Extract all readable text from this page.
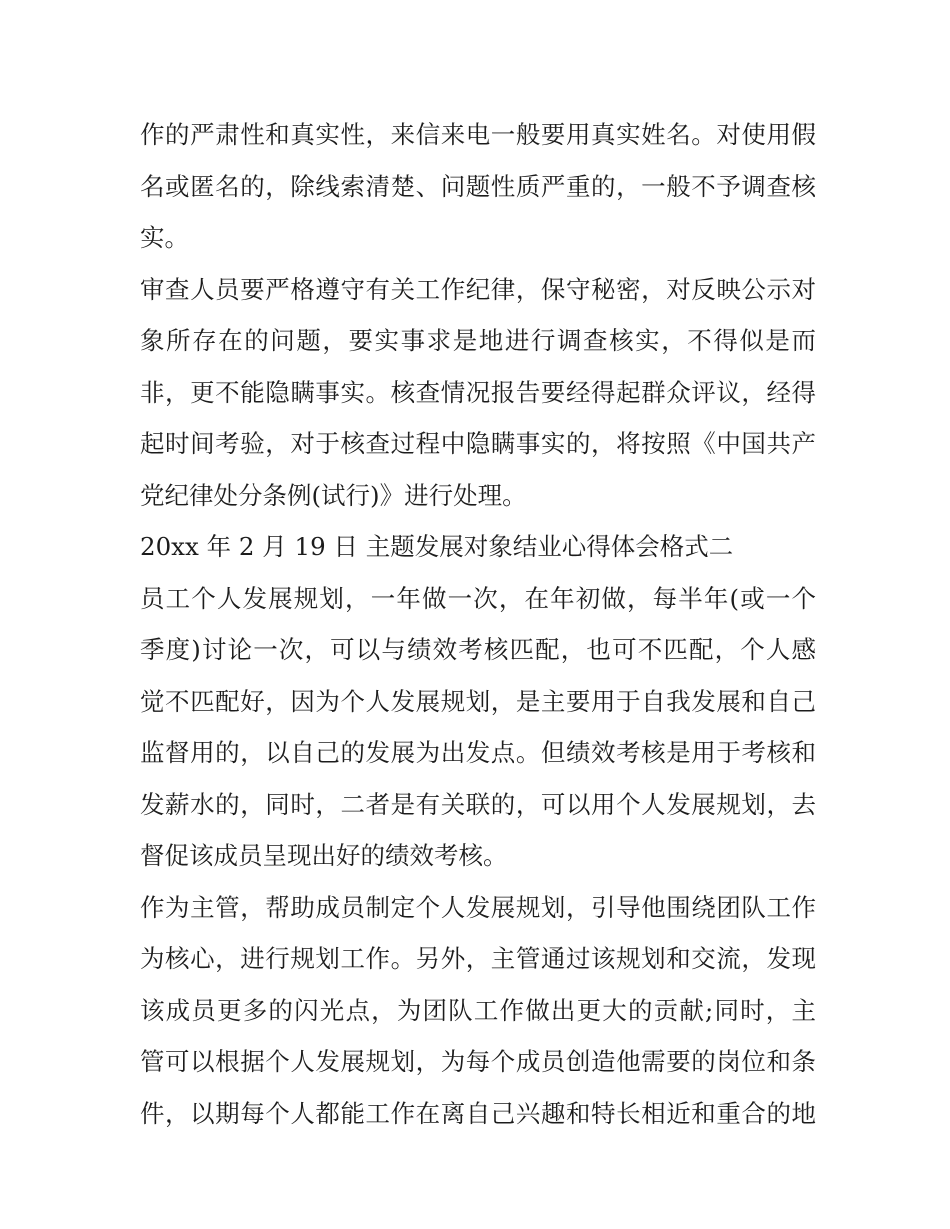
作的严肃性和真实性，来信来电一般要用真实姓名。对使用假
名或匿名的，除线索清楚、问题性质严重的，一般不予调查核
实。
审查人员要严格遵守有关工作纪律，保守秘密，对反映公示对
象所存在的问题，要实事求是地进行调查核实，不得似是而
非，更不能隐瞒事实。核查情况报告要经得起群众评议，经得
起时间考验，对于核查过程中隐瞒事实的，将按照《中国共产
党纪律处分条例(试行)》进行处理。
20xx 年 2 月 19 日 主题发展对象结业心得体会格式二
员工个人发展规划，一年做一次，在年初做，每半年(或一个
季度)讨论一次，可以与绩效考核匹配，也可不匹配，个人感
觉不匹配好，因为个人发展规划，是主要用于自我发展和自己
监督用的，以自己的发展为出发点。但绩效考核是用于考核和
发薪水的，同时，二者是有关联的，可以用个人发展规划，去
督促该成员呈现出好的绩效考核。
作为主管，帮助成员制定个人发展规划，引导他围绕团队工作
为核心，进行规划工作。另外，主管通过该规划和交流，发现
该成员更多的闪光点，为团队工作做出更大的贡献;同时，主
管可以根据个人发展规划，为每个成员创造他需要的岗位和条
件，以期每个人都能工作在离自己兴趣和特长相近和重合的地
